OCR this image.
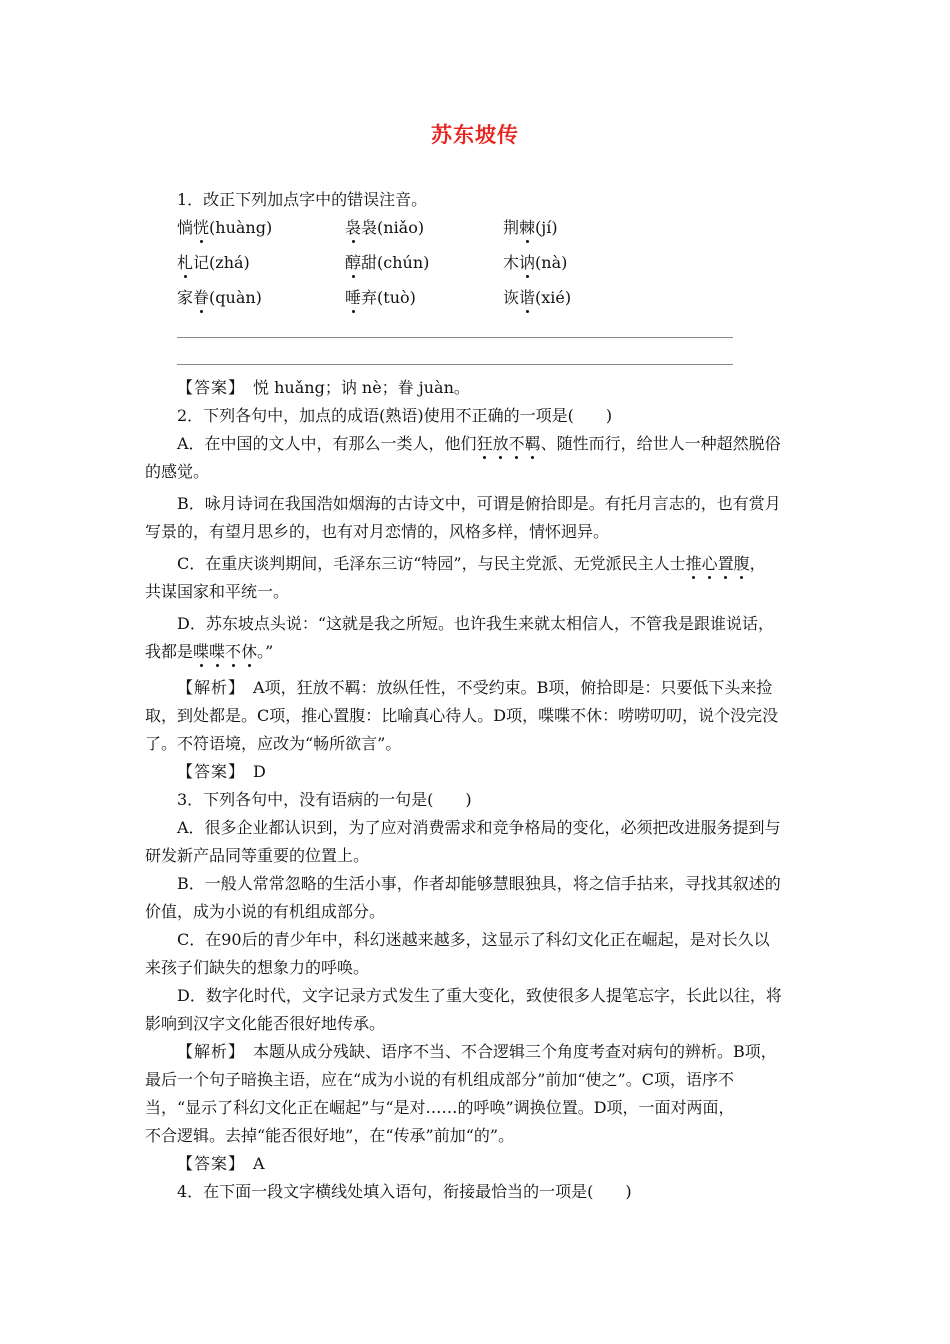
苏东坡传
1．改正下列加点字中的错误注音。
惝恍(huàng)	袅袅(niǎo)	荆棘(jí)
札记(zhá)	醇甜(chún)	木讷(nà)
家眷(quàn)	唾弃(tuò)	诙谐(xié)
【答案】　 悦 huǎng；讷 nè；眷 juàn。
2．下列各句中，加点的成语(熟语)使用不正确的一项是(　　)
A．在中国的文人中，有那么一类人，他们狂放不羁、随性而行，给世人一种超然脱俗
的感觉。
B．咏月诗词在我国浩如烟海的古诗文中，可谓是俯拾即是。有托月言志的，也有赏月
写景的，有望月思乡的，也有对月恋情的，风格多样，情怀迥异。
C．在重庆谈判期间，毛泽东三访“特园”，与民主党派、无党派民主人士推心置腹，
共谋国家和平统一。
D．苏东坡点头说：“这就是我之所短。也许我生来就太相信人，不管我是跟谁说话，
我都是喋喋不休。”
【解析】　 A项，狂放不羁：放纵任性，不受约束。B项，俯拾即是：只要低下头来捡
取，到处都是。C项，推心置腹：比喻真心待人。D项，喋喋不休：唠唠叨叨，说个没完没
了。不符语境，应改为“畅所欲言”。
【答案】　 D
3．下列各句中，没有语病的一句是(　　)
A．很多企业都认识到，为了应对消费需求和竞争格局的变化，必须把改进服务提到与
研发新产品同等重要的位置上。
B．一般人常常忽略的生活小事，作者却能够慧眼独具，将之信手拈来，寻找其叙述的
价值，成为小说的有机组成部分。
C．在90后的青少年中，科幻迷越来越多，这显示了科幻文化正在崛起，是对长久以
来孩子们缺失的想象力的呼唤。
D．数字化时代，文字记录方式发生了重大变化，致使很多人提笔忘字，长此以往，将
影响到汉字文化能否很好地传承。
【解析】　 本题从成分残缺、语序不当、不合逻辑三个角度考查对病句的辨析。B项，
最后一个句子暗换主语，应在“成为小说的有机组成部分”前加“使之”。C项，语序不
当，“显示了科幻文化正在崛起”与“是对……的呼唤”调换位置。D项，一面对两面，
不合逻辑。去掉“能否很好地”，在“传承”前加“的”。
【答案】　 A
4．在下面一段文字横线处填入语句，衔接最恰当的一项是(　　)
